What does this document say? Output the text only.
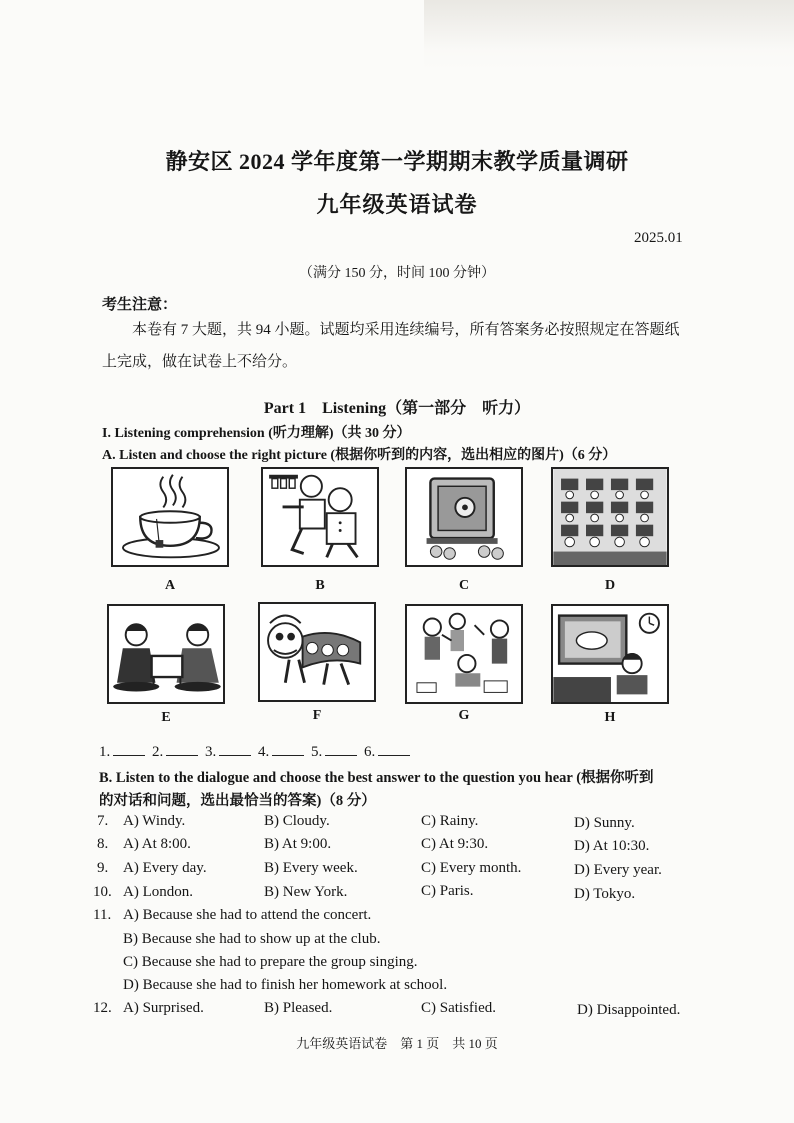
静安区 2024 学年度第一学期期末教学质量调研
九年级英语试卷
2025.01
（满分 150 分，时间 100 分钟）
考生注意：
本卷有 7 大题，共 94 小题。试题均采用连续编号，所有答案务必按照规定在答题纸
上完成，做在试卷上不给分。
Part 1    Listening（第一部分    听力）
I. Listening comprehension (听力理解)（共 30 分）
A. Listen and choose the right picture (根据你听到的内容，选出相应的图片)（6 分）
A	B	C	D
E	F	G	H
1.	2.	3.	4.	5.	6.
B. Listen to the dialogue and choose the best answer to the question you hear (根据你听到
的对话和问题，选出最恰当的答案)（8 分）
7. A) Windy.	B) Cloudy.	C) Rainy.	D) Sunny.
8. A) At 8:00.	B) At 9:00.	C) At 9:30.	D) At 10:30.
9. A) Every day.	B) Every week.	C) Every month.	D) Every year.
10. A) London.	B) New York.	C) Paris.	D) Tokyo.
11. A) Because she had to attend the concert.
B) Because she had to show up at the club.
C) Because she had to prepare the group singing.
D) Because she had to finish her homework at school.
12. A) Surprised.	B) Pleased.	C) Satisfied.	D) Disappointed.
九年级英语试卷    第 1 页    共 10 页
